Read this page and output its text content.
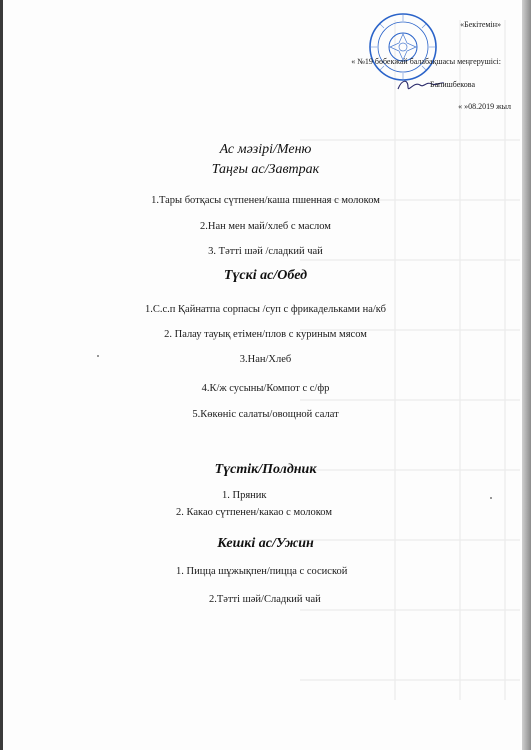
«Бекітемін»
« №19 бөбекжай балабақшасы меңгерушісі:
Бапишбекова
« »08.2019 жыл
Ас мәзірі/Меню
Таңғы ас/Завтрак
1.Тары ботқасы сүтпенен/каша пшенная с молоком
2.Нан мен май/хлеб с маслом
3. Тәтті шәй /сладкий чай
Түскі ас/Обед
1.С.с.п Қайнатпа сорпасы /суп с фрикадельками на/кб
2. Палау тауық етімен/плов с куриным мясом
3.Нан/Хлеб
4.К/ж сусыны/Компот с с/фр
5.Көкөніс салаты/овощной салат
Түстік/Полдник
1. Пряник
2. Какао сүтпенен/какао с молоком
Кешкі ас/Ужин
1. Пицца шұжықпен/пицца с сосиской
2.Тәтті шәй/Сладкий чай
